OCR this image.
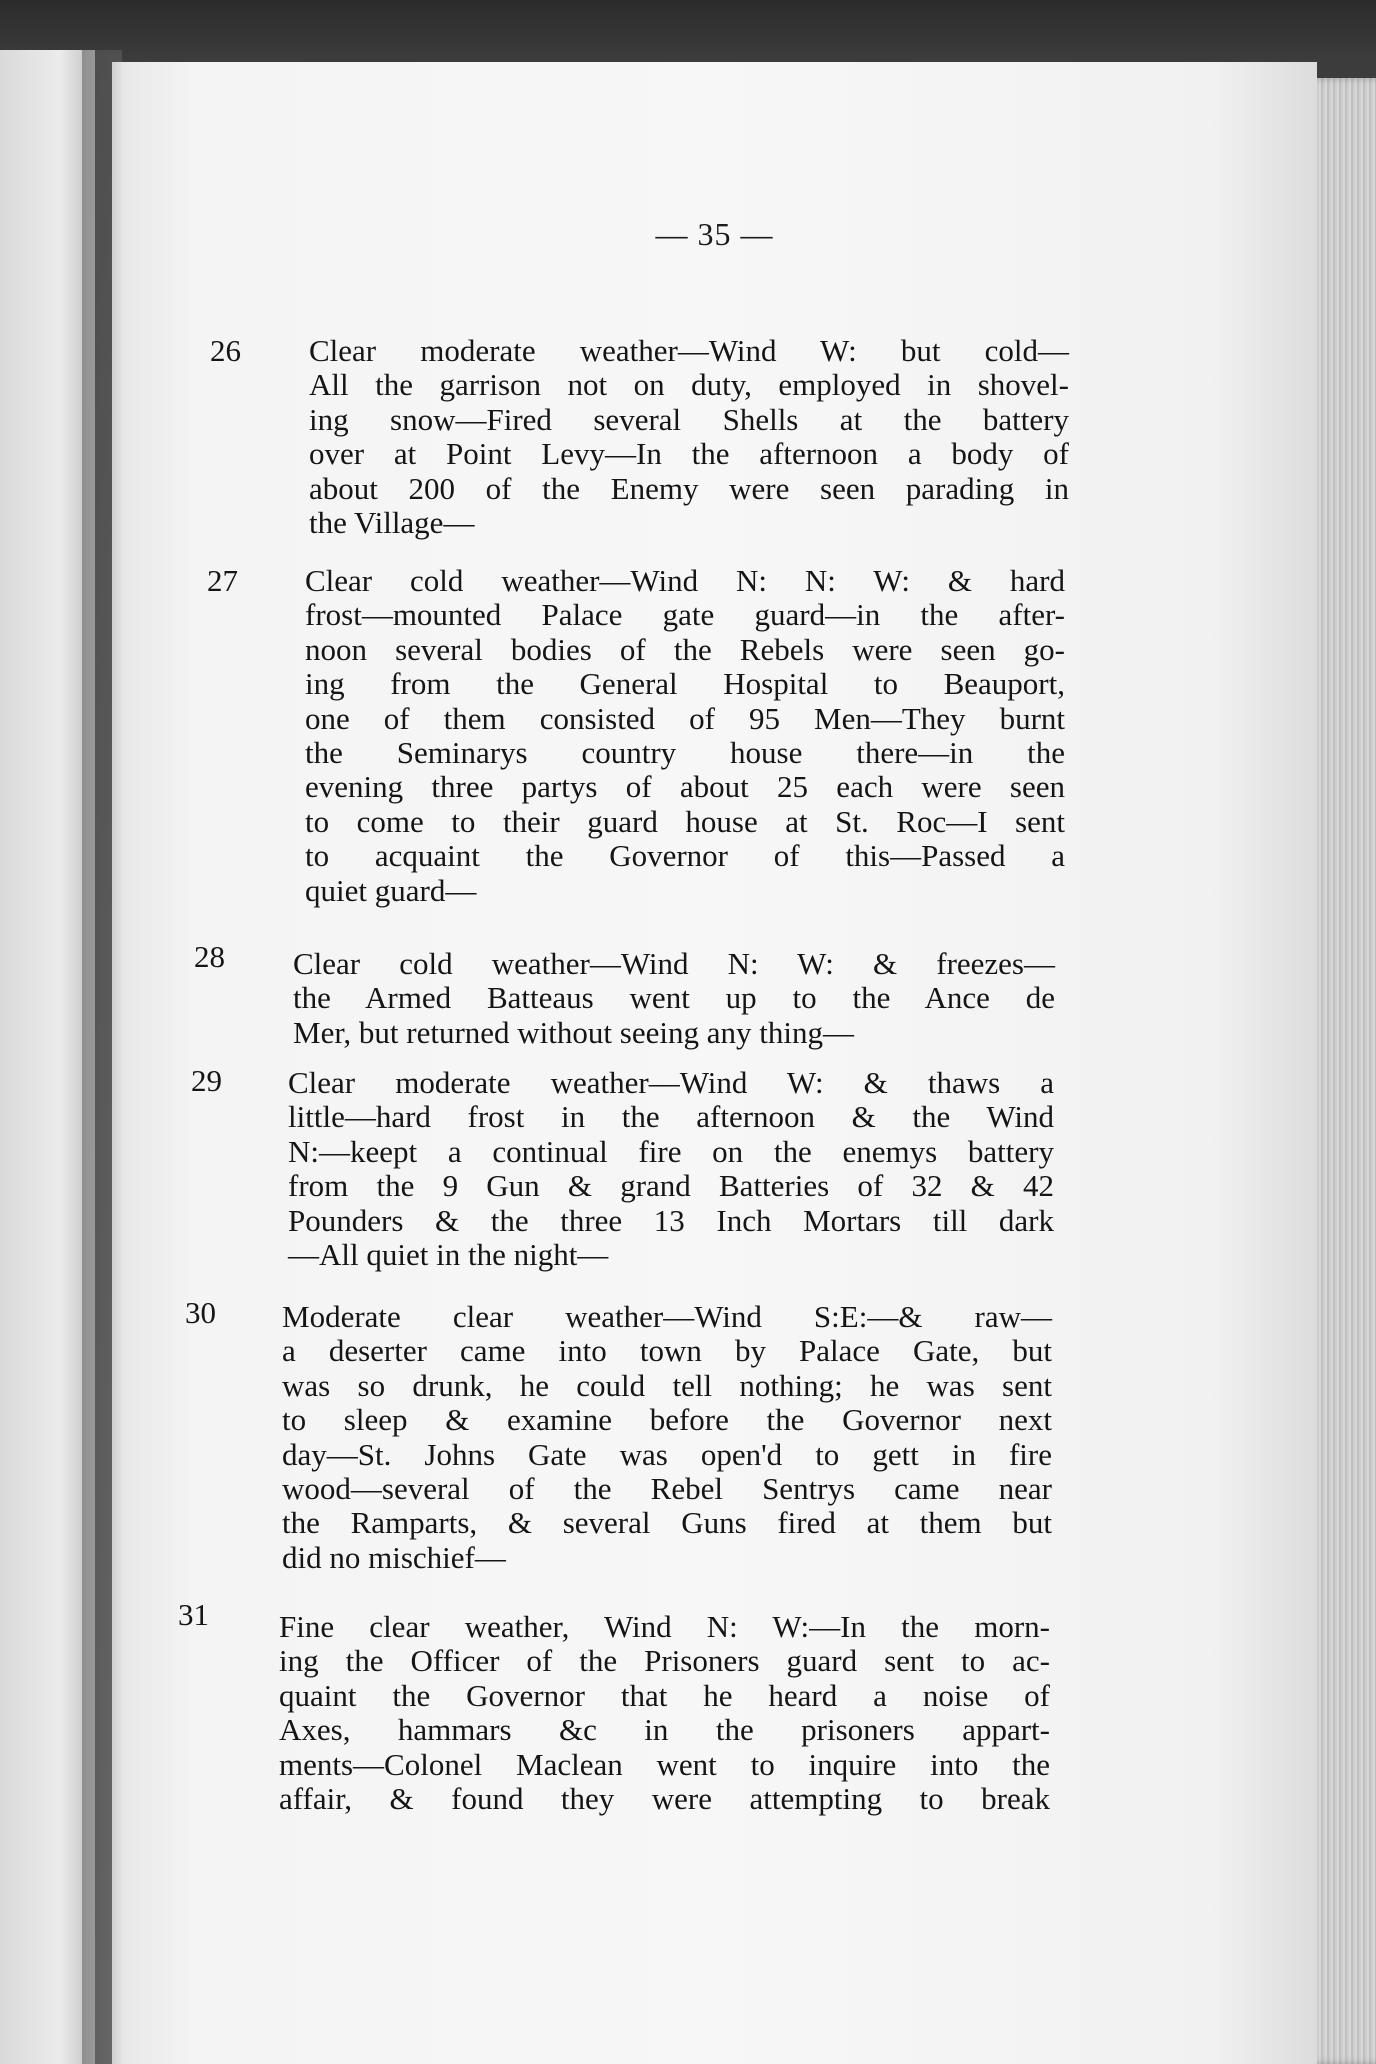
— 35 —
26 Clear moderate weather—Wind W: but cold—
All the garrison not on duty, employed in shovel-
ing snow—Fired several Shells at the battery
over at Point Levy—In the afternoon a body of
about 200 of the Enemy were seen parading in
the Village—
27 Clear cold weather—Wind N: N: W: & hard
frost—mounted Palace gate guard—in the after-
noon several bodies of the Rebels were seen go-
ing from the General Hospital to Beauport,
one of them consisted of 95 Men—They burnt
the Seminarys country house there—in the
evening three partys of about 25 each were seen
to come to their guard house at St. Roc—I sent
to acquaint the Governor of this—Passed a
quiet guard—
28 Clear cold weather—Wind N: W: & freezes—
the Armed Batteaus went up to the Ance de
Mer, but returned without seeing any thing—
29 Clear moderate weather—Wind W: & thaws a
little—hard frost in the afternoon & the Wind
N:—keept a continual fire on the enemys battery
from the 9 Gun & grand Batteries of 32 & 42
Pounders & the three 13 Inch Mortars till dark
—All quiet in the night—
30 Moderate clear weather—Wind S:E:—& raw—
a deserter came into town by Palace Gate, but
was so drunk, he could tell nothing; he was sent
to sleep & examine before the Governor next
day—St. Johns Gate was open'd to gett in fire
wood—several of the Rebel Sentrys came near
the Ramparts, & several Guns fired at them but
did no mischief—
31 Fine clear weather, Wind N: W:—In the morn-
ing the Officer of the Prisoners guard sent to ac-
quaint the Governor that he heard a noise of
Axes, hammars &c in the prisoners appart-
ments—Colonel Maclean went to inquire into the
affair, & found they were attempting to break
